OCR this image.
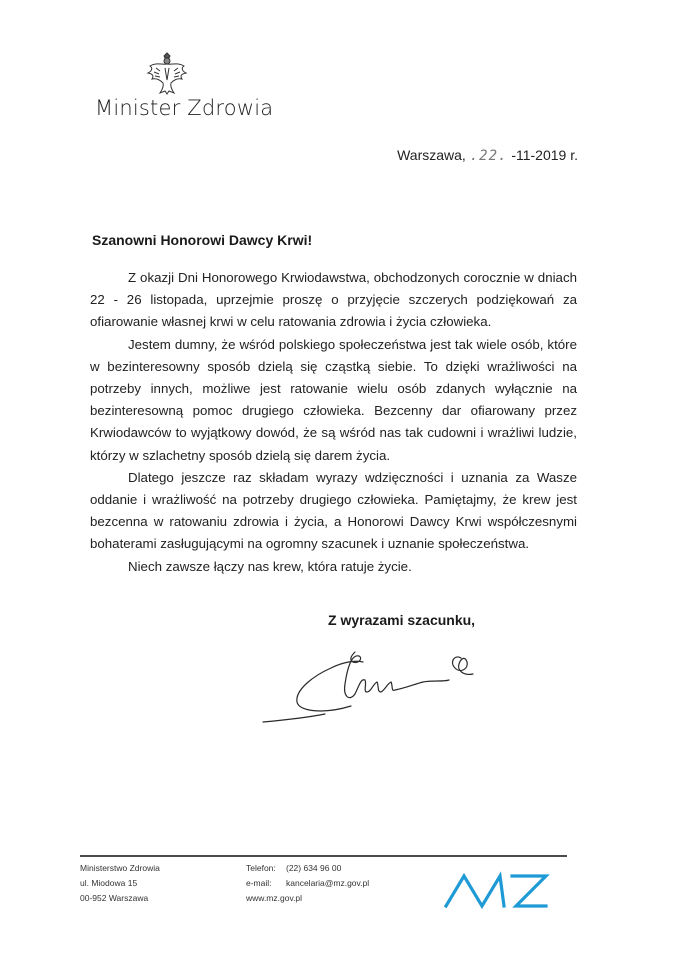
Minister Zdrowia
Warszawa, .22. -11-2019 r.
Szanowni Honorowi Dawcy Krwi!

Z okazji Dni Honorowego Krwiodawstwa, obchodzonych corocznie w dniach 22 - 26 listopada, uprzejmie proszę o przyjęcie szczerych podziękowań za ofiarowanie własnej krwi w celu ratowania zdrowia i życia człowieka.

Jestem dumny, że wśród polskiego społeczeństwa jest tak wiele osób, które w bezinteresowny sposób dzielą się cząstką siebie. To dzięki wrażliwości na potrzeby innych, możliwe jest ratowanie wielu osób zdanych wyłącznie na bezinteresowną pomoc drugiego człowieka. Bezcenny dar ofiarowany przez Krwiodawców to wyjątkowy dowód, że są wśród nas tak cudowni i wrażliwi ludzie, którzy w szlachetny sposób dzielą się darem życia.

Dlatego jeszcze raz składam wyrazy wdzięczności i uznania za Wasze oddanie i wrażliwość na potrzeby drugiego człowieka. Pamiętajmy, że krew jest bezcenna w ratowaniu zdrowia i życia, a Honorowi Dawcy Krwi współczesnymi bohaterami zasługującymi na ogromny szacunek i uznanie społeczeństwa.

Niech zawsze łączy nas krew, która ratuje życie.

Z wyrazami szacunku,
Ministerstwo Zdrowia
ul. Miodowa 15
00-952 Warszawa
Telefon: (22) 634 96 00
e-mail: kancelaria@mz.gov.pl
www.mz.gov.pl
